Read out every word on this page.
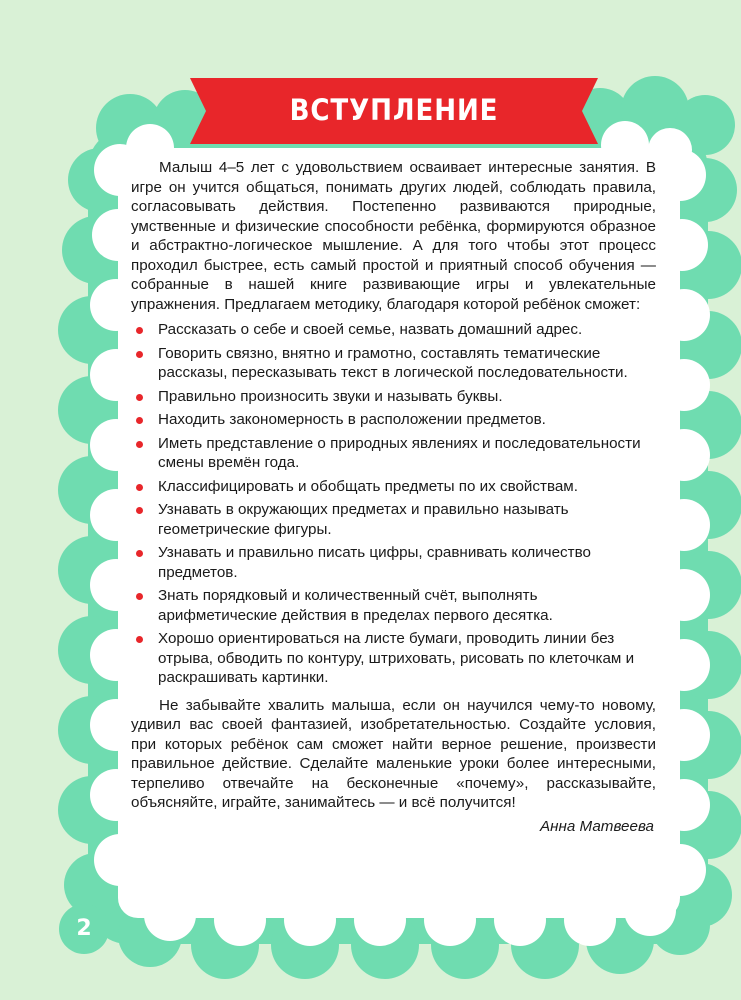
ВСТУПЛЕНИЕ

Малыш 4–5 лет с удовольствием осваивает интересные занятия. В игре он учится общаться, понимать других людей, соблюдать правила, согласовывать действия. Постепенно развиваются природные, умственные и физические способности ребёнка, формируются образное и абстрактно-логическое мышление. А для того чтобы этот процесс проходил быстрее, есть самый простой и приятный способ обучения — собранные в нашей книге развивающие игры и увлекательные упражнения. Предлагаем методику, благодаря которой ребёнок сможет:

Рассказать о себе и своей семье, назвать домашний адрес.
Говорить связно, внятно и грамотно, составлять тематические рассказы, пересказывать текст в логической последовательности.
Правильно произносить звуки и называть буквы.
Находить закономерность в расположении предметов.
Иметь представление о природных явлениях и последовательности смены времён года.
Классифицировать и обобщать предметы по их свойствам.
Узнавать в окружающих предметах и правильно называть геометрические фигуры.
Узнавать и правильно писать цифры, сравнивать количество предметов.
Знать порядковый и количественный счёт, выполнять арифметические действия в пределах первого десятка.
Хорошо ориентироваться на листе бумаги, проводить линии без отрыва, обводить по контуру, штриховать, рисовать по клеточкам и раскрашивать картинки.

Не забывайте хвалить малыша, если он научился чему-то новому, удивил вас своей фантазией, изобретательностью. Создайте условия, при которых ребёнок сам сможет найти верное решение, произвести правильное действие. Сделайте маленькие уроки более интересными, терпеливо отвечайте на бесконечные «почему», рассказывайте, объясняйте, играйте, занимайтесь — и всё получится!

Анна Матвеева
2
